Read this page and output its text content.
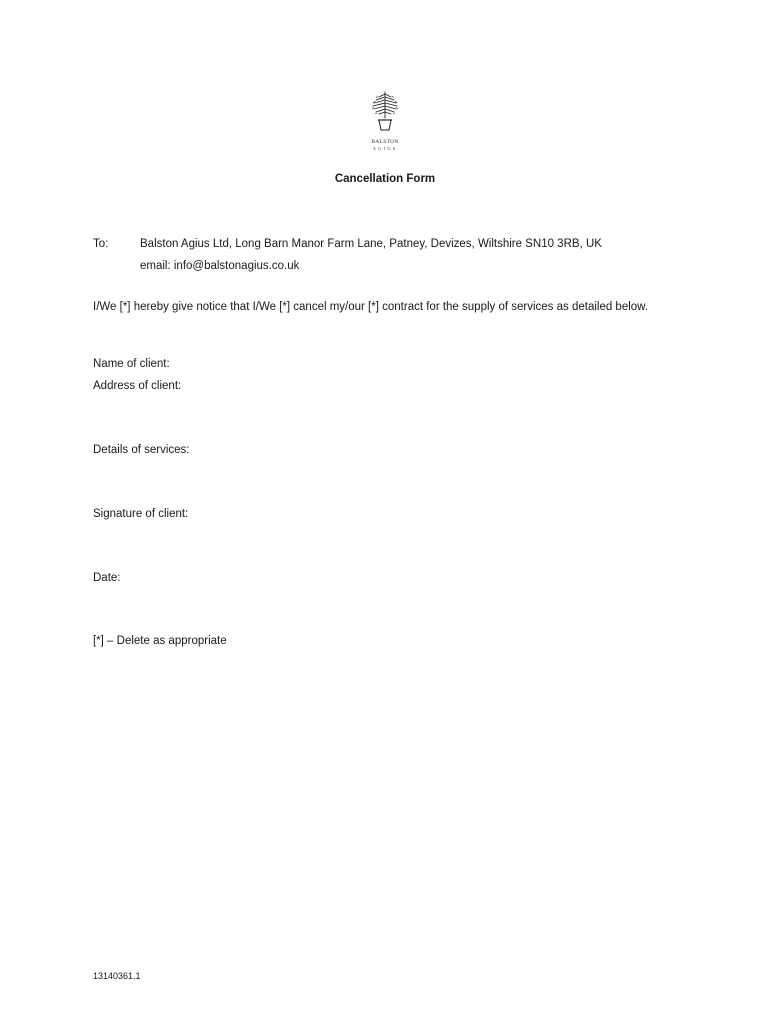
BALSTON
AGIUS
Cancellation Form
To:	Balston Agius Ltd, Long Barn Manor Farm Lane, Patney, Devizes, Wiltshire SN10 3RB, UK
email: info@balstonagius.co.uk
I/We [*] hereby give notice that I/We [*] cancel my/our [*] contract for the supply of services as detailed below.
Name of client:
Address of client:
Details of services:
Signature of client:
Date:
[*] – Delete as appropriate
13140361.1
